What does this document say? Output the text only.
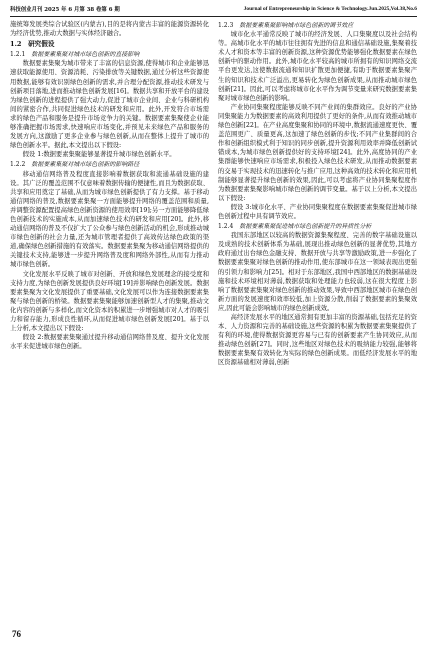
科技创业月刊 2025 年 6 月第 38 卷第 6 期	Journal of Entrepreneurship in Science & Technology.Jun.2025,Vol.38,No.6

施统筹发展类综合试验区(内蒙古),目的是将内蒙古丰富的能源资源转化为经济优势,推动大数据与实体经济融合。

1.2　研究假设
1.2.1 数据要素集聚对城市绿色创新的直接影响

数据要素集聚为城市带来了丰富的信息资源,使得城市和企业能够迅速获取能源使用、资源消耗、污染排放等关键数据,通过分析这些资源使用数据,能够有效识别绿色创新的需求,并合理分配资源,推动技术研发与创新项目落地,进而推动绿色创新发展[16]。数据共享和开放平台的建设为绿色创新的进程提供了强大动力,促进了城市企业间、企业与科研机构间的紧密合作,共同促进绿色技术的研发和应用。此外,开发符合市场需求的绿色产品和服务是提升市场竞争力的关键。数据要素集聚使企业能够准确把握市场需求,快速响应市场变化,并预见未来绿色产品和服务的发展方向,这激励了更多企业参与绿色创新,从而在整体上提升了城市的绿色创新水平。据此,本文提出以下假设:

假设 1:数据要素集聚能够显著提升城市绿色创新水平。

1.2.2 数据要素集聚对城市绿色创新的影响路径

移动通信网络普及程度直接影响着数据获取和流通基础设施的建设。其广泛的覆盖范围不仅意味着数据传输的便捷性,而且为数据获取、共享和应用奠定了基础,从而为城市绿色创新提供了有力支撑。基于移动通信网络的普及,数据要素集聚一方面能够提升网络的覆盖范围和质量,并调整资源配置提高绿色创新资源的使用效率[19];另一方面能够降低绿色创新技术的实施成本,从而加速绿色技术的研发和应用[20]。此外,移动通信网络的普及不仅扩大了公众参与绿色创新活动的机会,形成推动城市绿色创新的社会力量,还为城市管理者提供了高效传达绿色政策的渠道,确保绿色创新措施的有效落实。数据要素集聚为移动通信网络提供的关键技术支持,能够进一步提升网络普及度和网络外部性,从而有力推动城市绿色创新。

文化发展水平反映了城市对创新、开放和绿色发展理念的接受度和支持力度,为绿色创新发展提供良好环境[19]并影响绿色创新发展。数据要素集聚为文化发展提供了重要基础,文化发展可以作为连接数据要素集聚与绿色创新的桥梁。数据要素集聚能够加速创新型人才的集聚,推动文化内容的创新与多样化,而文化资本的积累进一步增强城市对人才的吸引力和留存能力,形成良性循环,从而促进城市绿色创新发展[20]。基于以上分析,本文提出以下假设:

假设 2:数据要素集聚通过提升移动通信网络普及度、提升文化发展水平来促进城市绿色创新。

1.2.3 数据要素集聚影响城市绿色创新的调节效应

城市化水平通常反映了城市的经济发展、人口集聚度以及社会结构等。高城市化水平的城市往往拥有先进的信息和通信基础设施,集聚着技术人才和资本等丰富的创新资源,这种资源优势能够强化数据要素在绿色创新中的驱动作用。此外,城市化水平较高的城市所拥有的知识网络交流平台更发达,这使数据流通和知识扩散更加便捷,有助于数据要素集聚产生的知识和技术广泛溢出,更易转化为绿色创新成果,从而推动城市绿色创新[21]。因此,可以考虑将城市化水平作为调节变量来研究数据要素集聚对城市绿色创新的影响。

产业协同集聚程度能够反映不同产业间的集群效应。良好的产业协同集聚能力为数据要素的高效利用提供了更好的条件,从而有效推动城市绿色创新[22]。在产业高度集聚和协同的环境中,数据流通速度更快、覆盖范围更广、质量更高,这加速了绿色创新的步伐;不同产业集群间的合作和创新组织模式利于知识的同步创新,提升资源利用效率并降低创新试错成本,为城市绿色创新提供好的支持环境[24]。此外,高度协同的产业集群能够快速响应市场需求,积极投入绿色技术研发,从而推动数据要素的交易于实现技术的迅速转化与推广应用,这种高效的技术转化和应用机制能够显著提升绿色创新的效果,因此,可以考虑将产业协同集聚程度作为数据要素集聚影响城市绿色创新的调节变量。基于以上分析,本文提出以下假设:

假设 3:城市化水平、产业协同集聚程度在数据要素集聚促进城市绿色创新过程中具有调节效应。

1.2.4 数据要素集聚促进城市绿色创新提升的异质性分析

我国东部地区以较高的数据资源集聚程度、完善的数字基础设施以及成熟的技术创新体系为基础,展现出推动绿色创新的显著优势,其地方政府通过出台绿色金融支持、数据开放与共享等激励政策,进一步强化了数据要素集聚对绿色创新的推动作用,使东部城市在这一领域表现出更强的引领力和影响力[25]。相对于东部地区,我国中西部地区的数据基础设施和技术环境相对薄弱,数据获取和处理能力也较弱,这在很大程度上影响了数据要素集聚对绿色创新的推动效果,导致中西部地区城市在绿色创新方面的发展速度和效率较低,加上资源分散,削弱了数据要素的集聚效应,因此可能会影响城市的绿色创新成效。

高经济发展水平的地区通常拥有更加丰富的资源基础,包括充足的资本、人力资源和完善的基础设施,这些资源的积累为数据要素集聚提供了有利的环境,使得数据资源更容易与已有的创新要素产生协同效应,从而推动绿色创新[27]。同时,这些地区对绿色技术的吸纳能力较强,能够将数据要素集聚有效转化为实际的绿色创新成果。而低经济发展水平的地区资源基础相对薄弱,创新

76
